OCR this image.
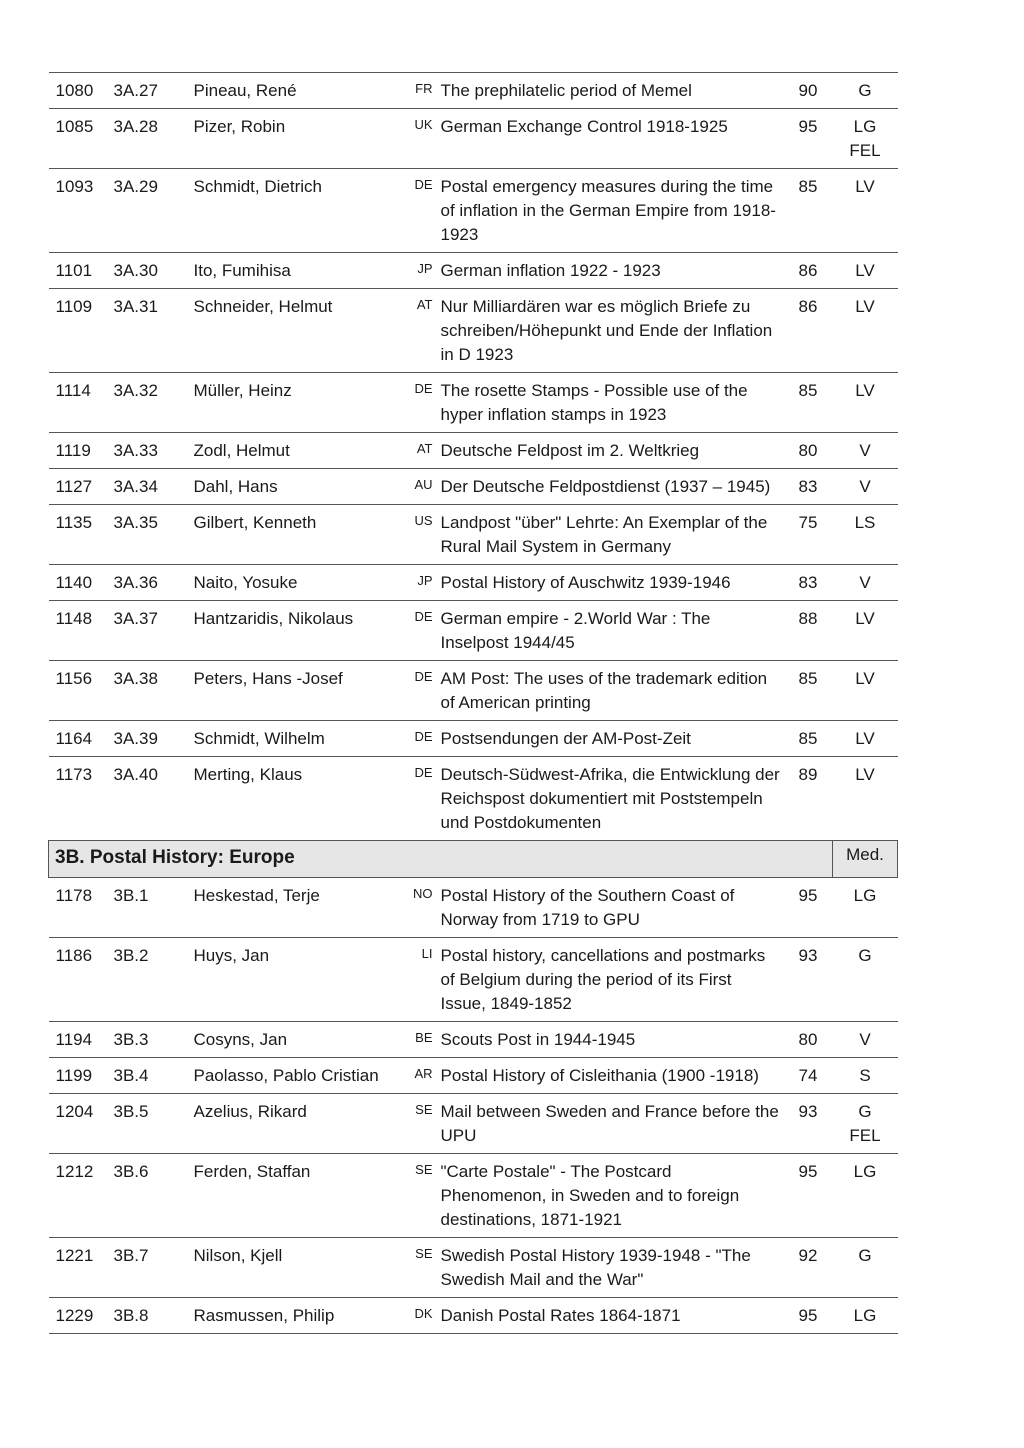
1080	3A.27	Pineau, René	FR	The prephilatelic period of Memel	90	G

1085	3A.28	Pizer, Robin	UK	German Exchange Control 1918-1925	95	LG
FEL

1093	3A.29	Schmidt, Dietrich	DE	Postal emergency measures during the time of inflation in the German Empire from 1918-1923	85	LV

1101	3A.30	Ito, Fumihisa	JP	German inflation 1922 - 1923	86	LV

1109	3A.31	Schneider, Helmut	AT	Nur Milliardären war es möglich Briefe zu schreiben/Höhepunkt und Ende der Inflation in D 1923	86	LV

1114	3A.32	Müller, Heinz	DE	The rosette Stamps - Possible use of the hyper inflation stamps in 1923	85	LV

1119	3A.33	Zodl, Helmut	AT	Deutsche Feldpost im 2. Weltkrieg	80	V

1127	3A.34	Dahl, Hans	AU	Der Deutsche Feldpostdienst (1937 – 1945)	83	V

1135	3A.35	Gilbert, Kenneth	US	Landpost "über" Lehrte: An Exemplar of the Rural Mail System in Germany	75	LS

1140	3A.36	Naito, Yosuke	JP	Postal History of Auschwitz 1939-1946	83	V

1148	3A.37	Hantzaridis, Nikolaus	DE	German empire - 2.World War : The Inselpost 1944/45	88	LV

1156	3A.38	Peters, Hans -Josef	DE	AM Post: The uses of the trademark edition of American printing	85	LV

1164	3A.39	Schmidt, Wilhelm	DE	Postsendungen der AM-Post-Zeit	85	LV

1173	3A.40	Merting, Klaus	DE	Deutsch-Südwest-Afrika, die Entwicklung der Reichspost dokumentiert mit Poststempeln und Postdokumenten	89	LV

3B. Postal History: Europe						Med.
1178	3B.1	Heskestad, Terje	NO	Postal History of the Southern Coast of Norway from 1719 to GPU	95	LG

1186	3B.2	Huys, Jan	LI	Postal history, cancellations and postmarks of Belgium during the period of its First Issue, 1849-1852	93	G

1194	3B.3	Cosyns, Jan	BE	Scouts Post in 1944-1945	80	V

1199	3B.4	Paolasso, Pablo Cristian	AR	Postal History of Cisleithania (1900 -1918)	74	S

1204	3B.5	Azelius, Rikard	SE	Mail between Sweden and France before the UPU	93	G
FEL

1212	3B.6	Ferden, Staffan	SE	"Carte Postale" - The Postcard Phenomenon, in Sweden and to foreign destinations, 1871-1921	95	LG

1221	3B.7	Nilson, Kjell	SE	Swedish Postal History 1939-1948 - "The Swedish Mail and the War"	92	G

1229	3B.8	Rasmussen, Philip	DK	Danish Postal Rates 1864-1871	95	LG
